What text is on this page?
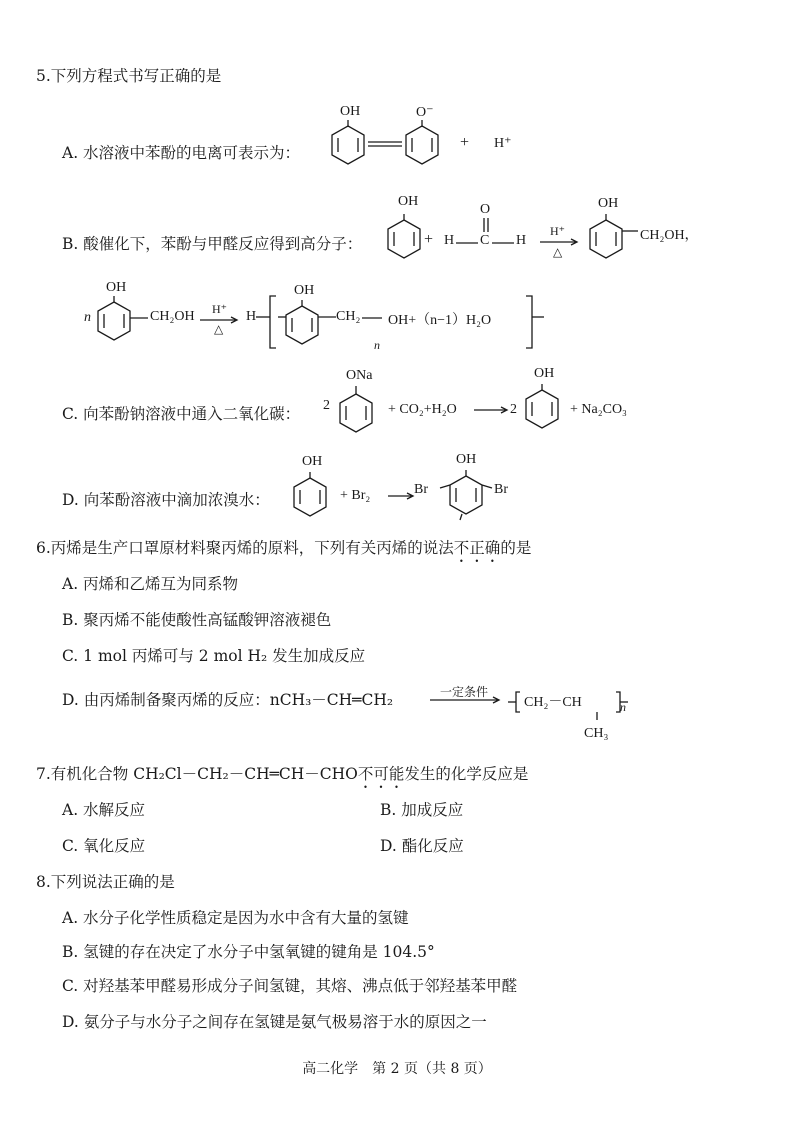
5.下列方程式书写正确的是
A. 水溶液中苯酚的电离可表示为：
OH	O⁻
+ H⁺
B. 酸催化下，苯酚与甲醛反应得到高分子：
OH
+ H C
O
H
H⁺
△
OH
CH₂OH，
n
OH
CH₂OH H⁺
△
H
OH
CH₂
n
OH+（n−1）H₂O
C. 向苯酚钠溶液中通入二氧化碳： 2
ONa
+ CO₂+H₂O → 2
OH
+ Na₂CO₃
D. 向苯酚溶液中滴加浓溴水：
OH
+ Br₂ →
Br
OH
Br
6.丙烯是生产口罩原材料聚丙烯的原料，下列有关丙烯的说法不正确的是
A. 丙烯和乙烯互为同系物
B. 聚丙烯不能使酸性高锰酸钾溶液褪色
C. 1 mol 丙烯可与 2 mol H₂ 发生加成反应
D. 由丙烯制备聚丙烯的反应：nCH₃－CH═CH₂	一定条件
CH₂－CH	n
CH₃
7.有机化合物 CH₂Cl－CH₂－CH═CH－CHO不可能发生的化学反应是
A. 水解反应	B. 加成反应
C. 氧化反应	D. 酯化反应
8.下列说法正确的是
A. 水分子化学性质稳定是因为水中含有大量的氢键
B. 氢键的存在决定了水分子中氢氧键的键角是 104.5°
C. 对羟基苯甲醛易形成分子间氢键，其熔、沸点低于邻羟基苯甲醛
D. 氨分子与水分子之间存在氢键是氨气极易溶于水的原因之一
高二化学　第 2 页（共 8 页）
